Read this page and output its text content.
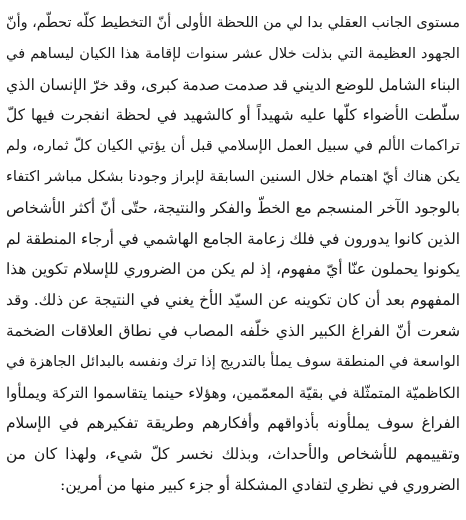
مستوى الجانب العقلي بدا لي من اللحظة الأولى أنّ التخطيط كلّه تحطّم، وأنّ
الجهود العظيمة التي بذلت خلال عشر سنوات لإقامة هذا الكيان ليساهم في
البناء الشامل للوضع الديني قد صدمت صدمة كبرى، وقد خرّ الإنسان الذي
سلّطت الأضواء كلّها عليه شهيداً أو كالشهيد في لحظة انفجرت فيها كلّ
تراكمات الألم في سبيل العمل الإسلامي قبل أن يؤتي الكيان كلّ ثماره، ولم
يكن هناك أيّ اهتمام خلال السنين السابقة لإبراز وجودنا بشكل مباشر اكتفاء
بالوجود الآخر المنسجم مع الخطّ والفكر والنتيجة، حتّى أنّ أكثر الأشخاص
الذين كانوا يدورون في فلك زعامة الجامع الهاشمي في أرجاء المنطقة لم
يكونوا يحملون عنّا أيّ مفهوم، إذ لم يكن من الضروري للإسلام تكوين هذا
المفهوم بعد أن كان تكوينه عن السيّد الأخ يغني في النتيجة عن ذلك. وقد
شعرت أنّ الفراغ الكبير الذي خلّفه المصاب في نطاق العلاقات الضخمة
الواسعة في المنطقة سوف يملأ بالتدريج إذا ترك ونفسه بالبدائل الجاهزة في
الكاظميّة المتمثّلة في بقيّة المعمّمين، وهؤلاء حينما يتقاسموا التركة ويملأوا
الفراغ سوف يملأونه بأذواقهم وأفكارهم وطريقة تفكيرهم في الإسلام
وتقييمهم للأشخاص والأحداث، وبذلك نخسر كلّ شيء، ولهذا كان من
الضروري في نظري لتفادي المشكلة أو جزء كبير منها من أمرين:
